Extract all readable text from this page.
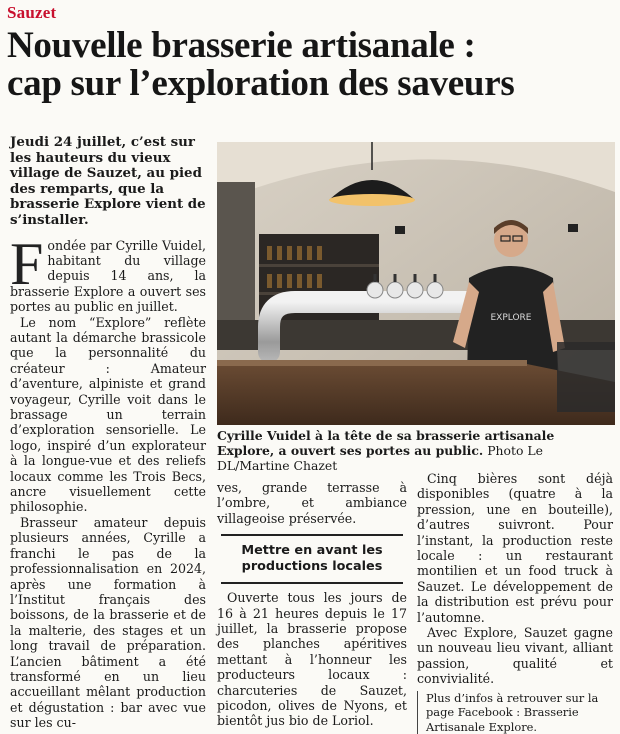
Sauzet
Nouvelle brasserie artisanale :
cap sur l’exploration des saveurs
Jeudi 24 juillet, c’est sur les hauteurs du vieux village de Sauzet, au pied des remparts, que la brasserie Explore vient de s’installer.

Fondée par Cyrille Vuidel, habitant du village depuis 14 ans, la brasserie Explore a ouvert ses portes au public en juillet.

Le nom “Explore” reflète autant la démarche brassicole que la personnalité du créateur : Amateur d’aventure, alpiniste et grand voyageur, Cyrille voit dans le brassage un terrain d’exploration sensorielle. Le logo, inspiré d’un explorateur à la longue-vue et des reliefs locaux comme les Trois Becs, ancre visuellement cette philosophie.

Brasseur amateur depuis plusieurs années, Cyrille a franchi le pas de la professionnalisation en 2024, après une formation à l’Institut français des boissons, de la brasserie et de la malterie, des stages et un long travail de préparation. L’ancien bâtiment a été transformé en un lieu accueillant mêlant production et dégustation : bar avec vue sur les cu-

EXPLORE
Cyrille Vuidel à la tête de sa brasserie artisanale Explore, a ouvert ses portes au public. Photo Le DL/Martine Chazet

ves, grande terrasse à l’ombre, et ambiance villageoise préservée.

Mettre en avant les productions locales

Ouverte tous les jours de 16 à 21 heures depuis le 17 juillet, la brasserie propose des planches apéritives mettant à l’honneur les producteurs locaux : charcuteries de Sauzet, picodon, olives de Nyons, et bientôt jus bio de Loriol.

Cinq bières sont déjà disponibles (quatre à la pression, une en bouteille), d’autres suivront. Pour l’instant, la production reste locale : un restaurant montilien et un food truck à Sauzet. Le développement de la distribution est prévu pour l’automne.

Avec Explore, Sauzet gagne un nouveau lieu vivant, alliant passion, qualité et convivialité.

Plus d’infos à retrouver sur la page Facebook : Brasserie Artisanale Explore.
